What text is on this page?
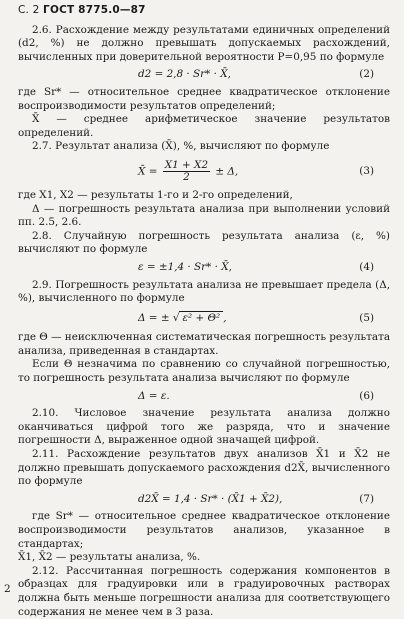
С. 2 ГОСТ 8775.0—87

2.6. Расхождение между результатами единичных определений (d2, %) не должно превышать допускаемых расхождений, вычисленных при доверительной вероятности P=0,95 по формуле

d2 = 2,8 · Sr* · X̄,	(2)

где Sr* — относительное среднее квадратическое отклонение воспроизводимости результатов определений;

X̄ — среднее арифметическое значение результатов определений.

2.7. Результат анализа (X̄), %, вычисляют по формуле

X̄ = $\frac{X1 + X2}{2} \pm \Delta$,	(3)

где X1, X2 — результаты 1-го и 2-го определений,

Δ — погрешность результата анализа при выполнении условий пп. 2.5, 2.6.

2.8. Случайную погрешность результата анализа (ε, %) вычисляют по формуле

ε = ±1,4 · Sr* · X̄,	(4)

2.9. Погрешность результата анализа не превышает предела (Δ, %), вычисленного по формуле

Δ = ± √ ε² + Θ² ,	(5)

где Θ — неисключенная систематическая погрешность результата анализа, приведенная в стандартах.

Если Θ незначима по сравнению со случайной погрешностью, то погрешность результата анализа вычисляют по формуле

Δ = ε.	(6)

2.10. Числовое значение результата анализа должно оканчиваться цифрой того же разряда, что и значение погрешности Δ, выраженное одной значащей цифрой.

2.11. Расхождение результатов двух анализов X̄1 и X̄2 не должно превышать допускаемого расхождения d2X̄, вычисленного по формуле

d2X̄ = 1,4 · Sr* · (X̄1 + X̄2),	(7)

где Sr* — относительное среднее квадратическое отклонение воспроизводимости результатов анализов, указанное в стандартах;

X̄1, X̄2 — результаты анализа, %.

2.12. Рассчитанная погрешность содержания компонентов в образцах для градуировки или в градуировочных растворах должна быть меньше погрешности анализа для соответствующего содержания не менее чем в 3 раза.

2
